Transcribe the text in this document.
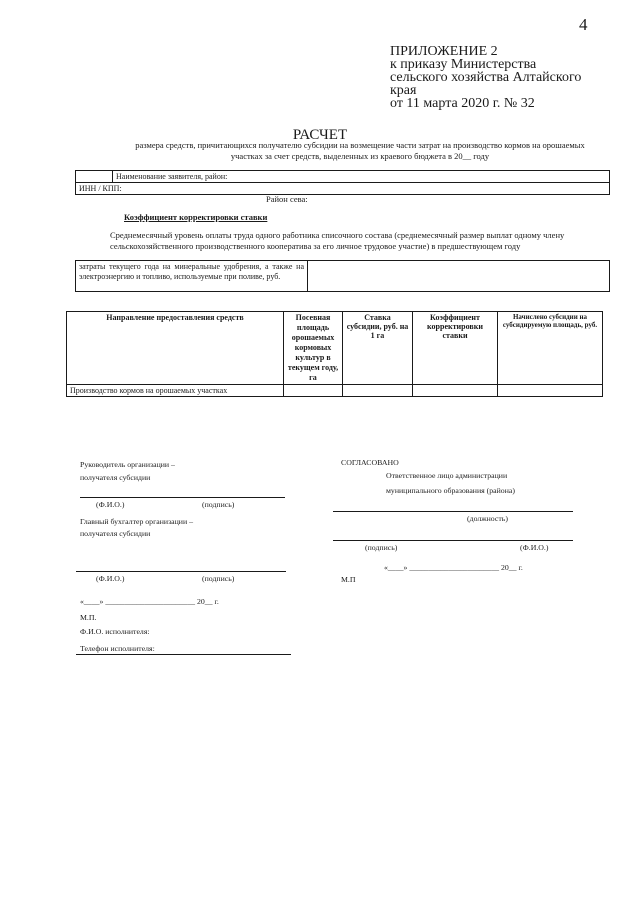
4
ПРИЛОЖЕНИЕ 2
к приказу Министерства
сельского хозяйства Алтайского
края
от 11 марта 2020 г. № 32
РАСЧЕТ
размера средств, причитающихся получателю субсидии на возмещение части затрат на производство кормов на орошаемых участках за счет средств, выделенных из краевого бюджета в 20__ году
	Наименование заявителя, район:
ИНН / КПП:
Район сева:
Коэффициент корректировки ставки
Среднемесячный уровень оплаты труда одного работника списочного состава (среднемесячный размер выплат одному члену сельскохозяйственного производственного кооператива за его личное трудовое участие) в предшествующем году
затраты текущего года на минеральные удобрения, а также на электроэнергию и топливо, используемые при поливе, руб.	
Направление предоставления средств	Посевная площадь орошаемых кормовых культур в текущем году, га	Ставка субсидии, руб. на 1 га	Коэффициент корректировки ставки	Начислено субсидии на субсидируемую площадь, руб.
Производство кормов на орошаемых участках				
Руководитель организации –
получателя субсидии
(Ф.И.О.)	(подпись)
Главный бухгалтер организации –
получателя субсидии
(Ф.И.О.)	(подпись)
«____» _______________________ 20__ г.
М.П.
Ф.И.О. исполнителя:
Телефон исполнителя:
СОГЛАСОВАНО
Ответственное лицо администрации
муниципального образования (района)
(должность)
(подпись)	(Ф.И.О.)
«____» _______________________ 20__ г.
М.П
